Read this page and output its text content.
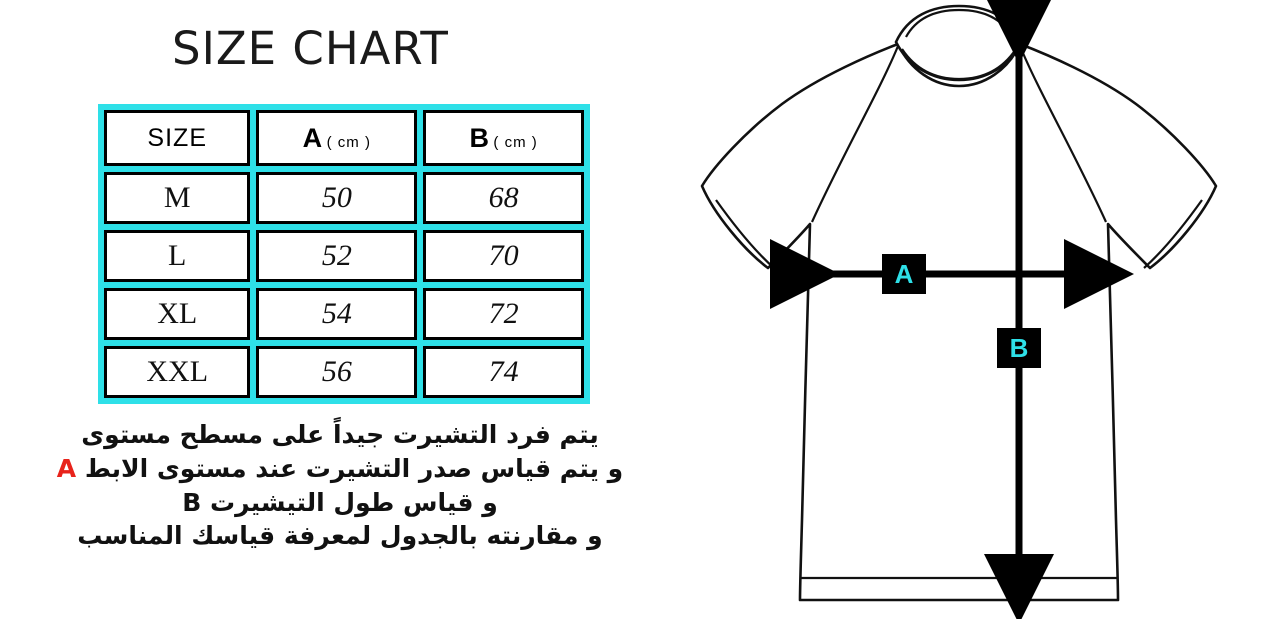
SIZE CHART
SIZE	A ( cm )	B ( cm )
M	50	68
L	52	70
XL	54	72
XXL	56	74
يتم فرد التشيرت جيداً على مسطح مستوى
و يتم قياس صدر التشيرت عند مستوى الابط A
و قياس طول التيشيرت B
و مقارنته بالجدول لمعرفة قياسك المناسب
A
B
